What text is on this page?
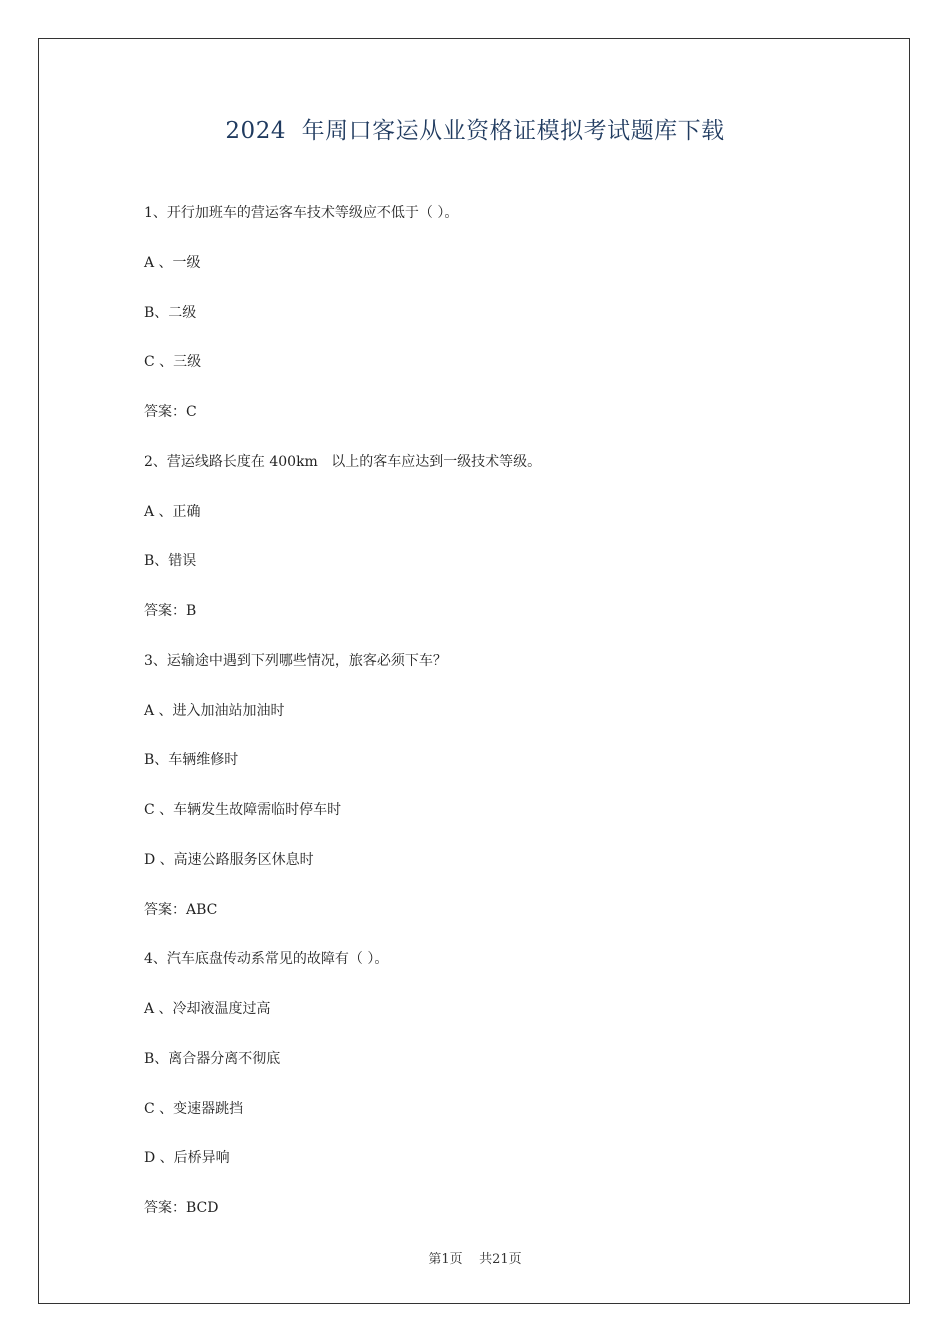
2024  年周口客运从业资格证模拟考试题库下载
1、开行加班车的营运客车技术等级应不低于（ ）。
A 、一级
B、二级
C 、三级
答案：C
2、营运线路长度在 400km   以上的客车应达到一级技术等级。
A 、正确
B、错误
答案：B
3、运输途中遇到下列哪些情况，旅客必须下车？
A 、进入加油站加油时
B、车辆维修时
C 、车辆发生故障需临时停车时
D 、高速公路服务区休息时
答案：ABC
4、汽车底盘传动系常见的故障有（ ）。
A 、冷却液温度过高
B、离合器分离不彻底
C 、变速器跳挡
D 、后桥异响
答案：BCD
第1页    共21页
